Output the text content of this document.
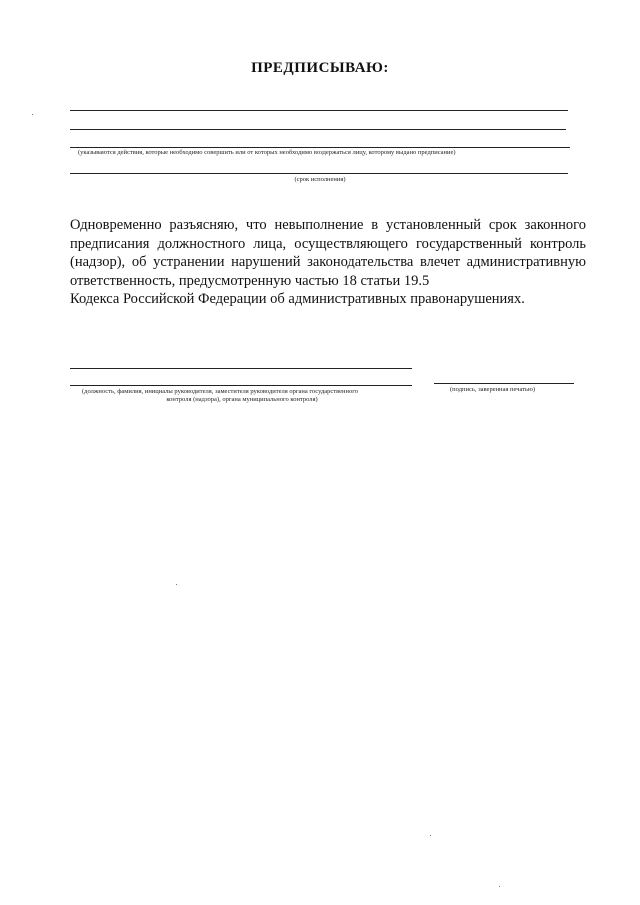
ПРЕДПИСЫВАЮ:
(указываются действия, которые необходимо совершить или от которых необходимо воздержаться лицу, которому выдано предписание)
(срок исполнения)
Одновременно разъясняю, что невыполнение в установленный срок законного предписания должностного лица, осуществляющего государственный контроль (надзор), об устранении нарушений законодательства влечет административную ответственность, предусмотренную частью 18 статьи 19.5
Кодекса Российской Федерации об административных правонарушениях.
(должность, фамилия, инициалы руководителя, заместителя руководителя органа государственного
контроля (надзора), органа муниципального контроля)
(подпись, заверенная печатью)
